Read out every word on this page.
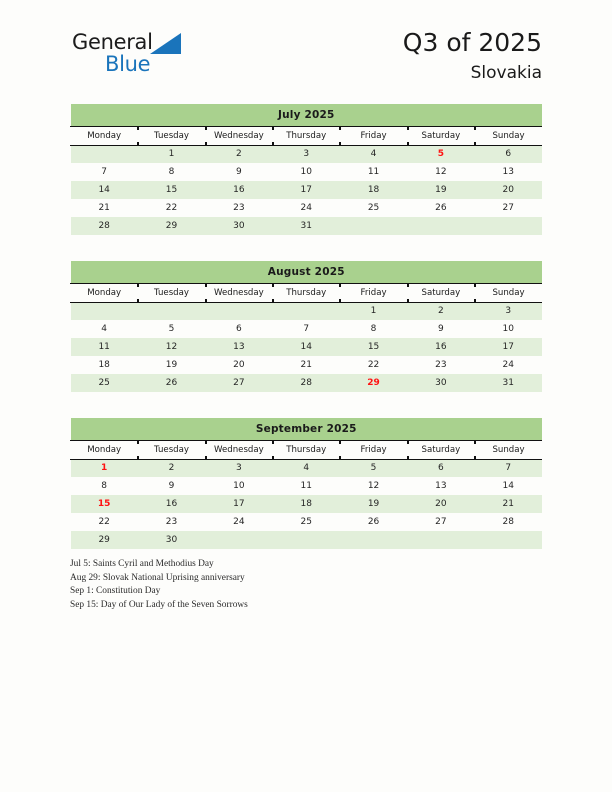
General
Blue
Q3 of 2025
Slovakia
July 2025						
Monday	Tuesday	Wednesday	Thursday	Friday	Saturday	Sunday
	1	2	3	4	5	6
7	8	9	10	11	12	13
14	15	16	17	18	19	20
21	22	23	24	25	26	27
28	29	30	31			
August 2025						
Monday	Tuesday	Wednesday	Thursday	Friday	Saturday	Sunday
				1	2	3
4	5	6	7	8	9	10
11	12	13	14	15	16	17
18	19	20	21	22	23	24
25	26	27	28	29	30	31
September 2025						
Monday	Tuesday	Wednesday	Thursday	Friday	Saturday	Sunday
1	2	3	4	5	6	7
8	9	10	11	12	13	14
15	16	17	18	19	20	21
22	23	24	25	26	27	28
29	30					
Jul 5: Saints Cyril and Methodius Day
Aug 29: Slovak National Uprising anniversary
Sep 1: Constitution Day
Sep 15: Day of Our Lady of the Seven Sorrows
